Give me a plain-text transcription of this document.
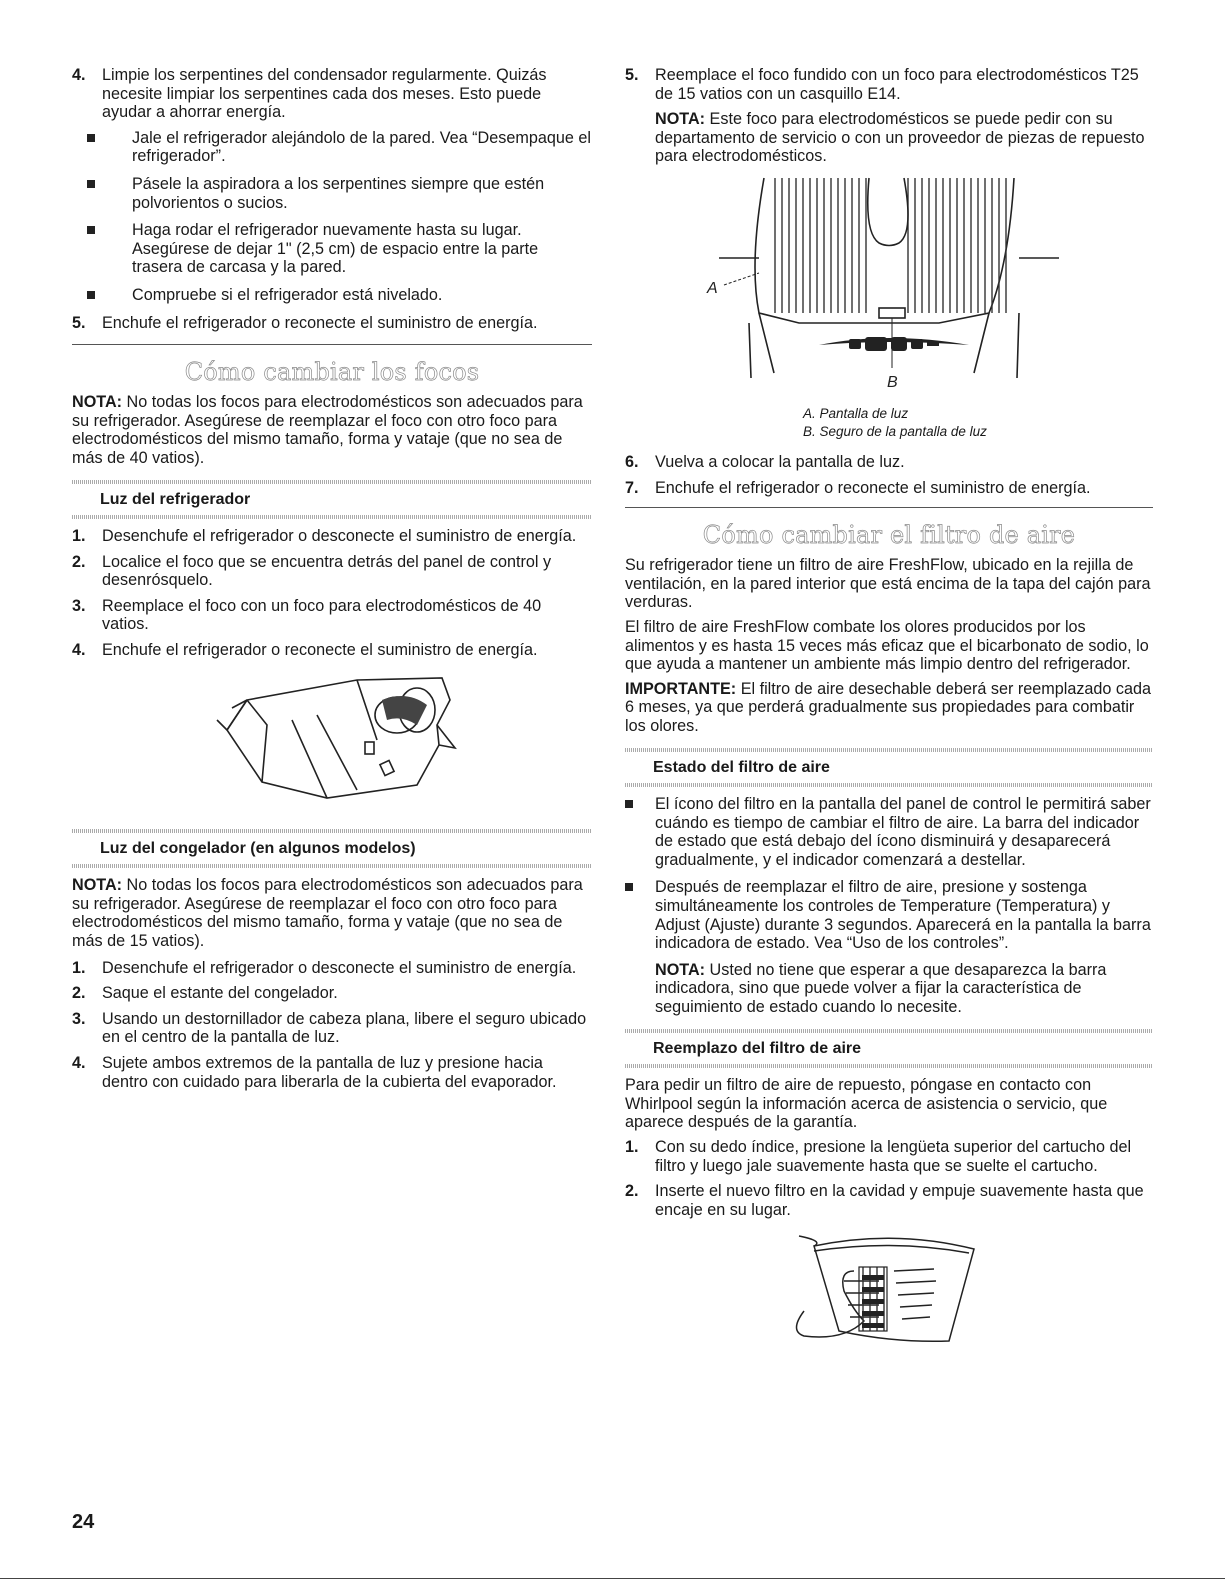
4. Limpie los serpentines del condensador regularmente. Quizás necesite limpiar los serpentines cada dos meses. Esto puede ayudar a ahorrar energía.

Jale el refrigerador alejándolo de la pared. Vea “Desempaque el refrigerador”.

Pásele la aspiradora a los serpentines siempre que estén polvorientos o sucios.

Haga rodar el refrigerador nuevamente hasta su lugar. Asegúrese de dejar 1" (2,5 cm) de espacio entre la parte trasera de carcasa y la pared.

Compruebe si el refrigerador está nivelado.

5. Enchufe el refrigerador o reconecte el suministro de energía.

Cómo cambiar los focos

NOTA: No todas los focos para electrodomésticos son adecuados para su refrigerador. Asegúrese de reemplazar el foco con otro foco para electrodomésticos del mismo tamaño, forma y vataje (que no sea de más de 40 vatios).

Luz del refrigerador
1. Desenchufe el refrigerador o desconecte el suministro de energía.

2. Localice el foco que se encuentra detrás del panel de control y desenrósquelo.

3. Reemplace el foco con un foco para electrodomésticos de 40 vatios.

4. Enchufe el refrigerador o reconecte el suministro de energía.

Luz del congelador (en algunos modelos)

NOTA: No todas los focos para electrodomésticos son adecuados para su refrigerador. Asegúrese de reemplazar el foco con otro foco para electrodomésticos del mismo tamaño, forma y vataje (que no sea de más de 15 vatios).

1. Desenchufe el refrigerador o desconecte el suministro de energía.

2. Saque el estante del congelador.

3. Usando un destornillador de cabeza plana, libere el seguro ubicado en el centro de la pantalla de luz.

4. Sujete ambos extremos de la pantalla de luz y presione hacia dentro con cuidado para liberarla de la cubierta del evaporador.

5. Reemplace el foco fundido con un foco para electrodomésticos T25 de 15 vatios con un casquillo E14.

NOTA: Este foco para electrodomésticos se puede pedir con su departamento de servicio o con un proveedor de piezas de repuesto para electrodomésticos.

A
B
A. Pantalla de luz
B. Seguro de la pantalla de luz
6. Vuelva a colocar la pantalla de luz.

7. Enchufe el refrigerador o reconecte el suministro de energía.

Cómo cambiar el filtro de aire

Su refrigerador tiene un filtro de aire FreshFlow, ubicado en la rejilla de ventilación, en la pared interior que está encima de la tapa del cajón para verduras.

El filtro de aire FreshFlow combate los olores producidos por los alimentos y es hasta 15 veces más eficaz que el bicarbonato de sodio, lo que ayuda a mantener un ambiente más limpio dentro del refrigerador.

IMPORTANTE: El filtro de aire desechable deberá ser reemplazado cada 6 meses, ya que perderá gradualmente sus propiedades para combatir los olores.

Estado del filtro de aire

El ícono del filtro en la pantalla del panel de control le permitirá saber cuándo es tiempo de cambiar el filtro de aire. La barra del indicador de estado que está debajo del ícono disminuirá y desaparecerá gradualmente, y el indicador comenzará a destellar.

Después de reemplazar el filtro de aire, presione y sostenga simultáneamente los controles de Temperature (Temperatura) y Adjust (Ajuste) durante 3 segundos. Aparecerá en la pantalla la barra indicadora de estado. Vea “Uso de los controles”.

NOTA: Usted no tiene que esperar a que desaparezca la barra indicadora, sino que puede volver a fijar la característica de seguimiento de estado cuando lo necesite.

Reemplazo del filtro de aire

Para pedir un filtro de aire de repuesto, póngase en contacto con Whirlpool según la información acerca de asistencia o servicio, que aparece después de la garantía.

1. Con su dedo índice, presione la lengüeta superior del cartucho del filtro y luego jale suavemente hasta que se suelte el cartucho.

2. Inserte el nuevo filtro en la cavidad y empuje suavemente hasta que encaje en su lugar.

24
